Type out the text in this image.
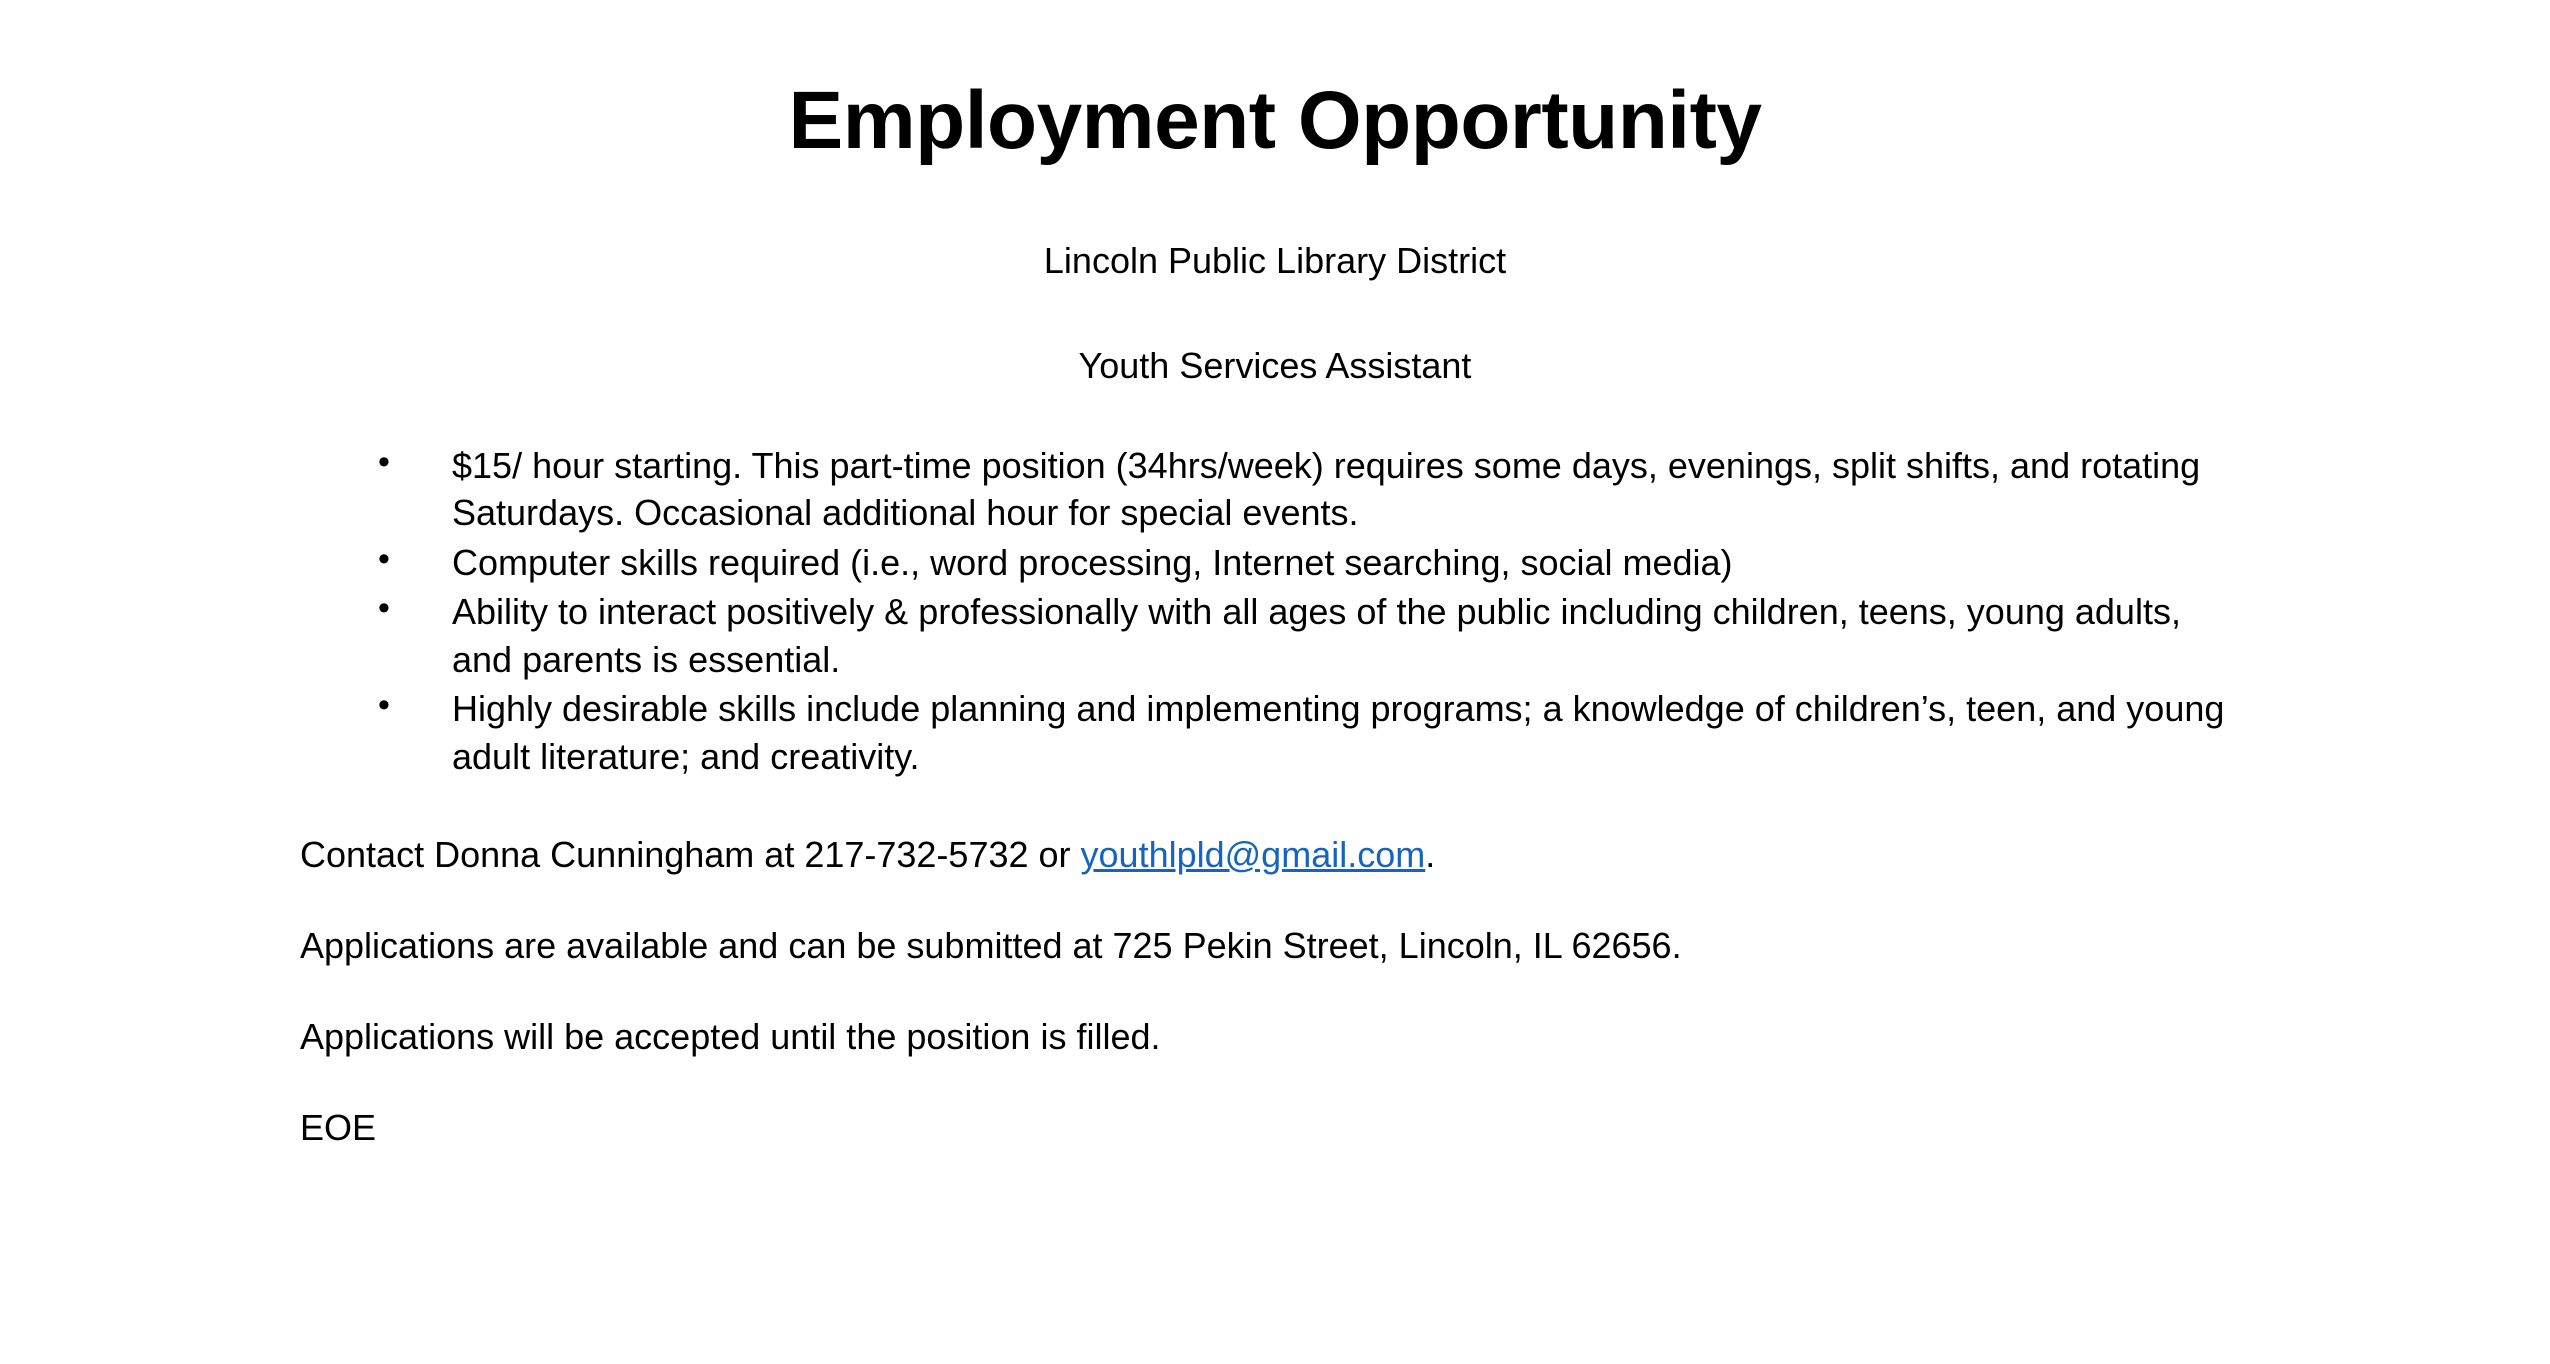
Employment Opportunity
Lincoln Public Library District
Youth Services Assistant
• $15/ hour starting. This part-time position (34hrs/week) requires some days, evenings, split shifts, and rotating Saturdays. Occasional additional hour for special events.
• Computer skills required (i.e., word processing, Internet searching, social media)
• Ability to interact positively & professionally with all ages of the public including children, teens, young adults, and parents is essential.
• Highly desirable skills include planning and implementing programs; a knowledge of children’s, teen, and young adult literature; and creativity.

Contact Donna Cunningham at 217-732-5732 or youthlpld@gmail.com.

Applications are available and can be submitted at 725 Pekin Street, Lincoln, IL 62656.

Applications will be accepted until the position is filled.

EOE
